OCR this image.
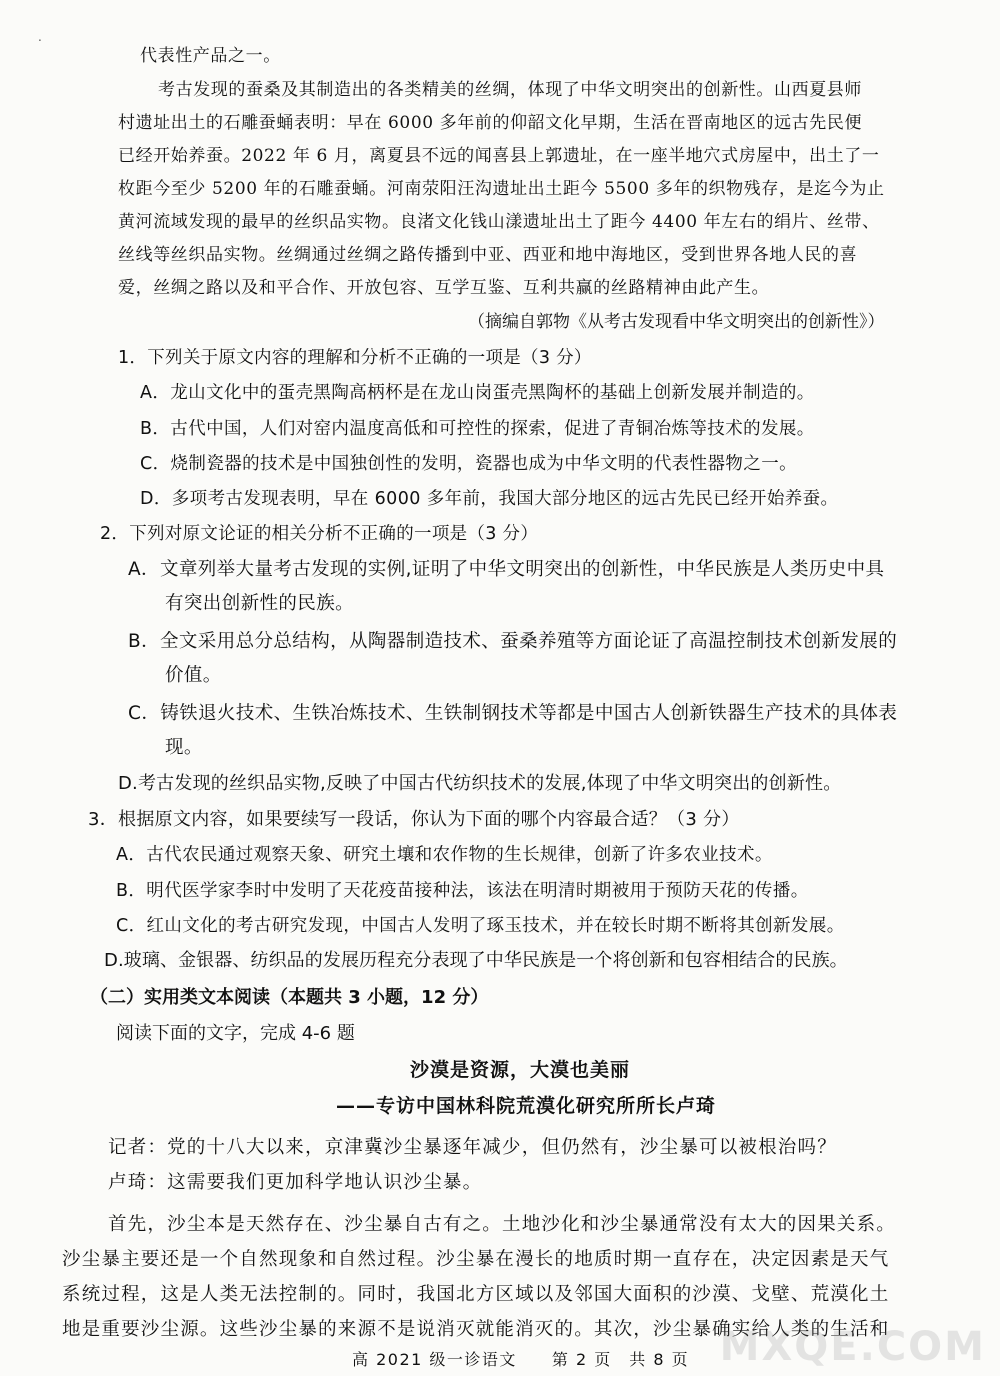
.
代表性产品之一。
考古发现的蚕桑及其制造出的各类精美的丝绸，体现了中华文明突出的创新性。山西夏县师
村遗址出土的石雕蚕蛹表明：早在 6000 多年前的仰韶文化早期，生活在晋南地区的远古先民便
已经开始养蚕。2022 年 6 月，离夏县不远的闻喜县上郭遗址，在一座半地穴式房屋中，出土了一
枚距今至少 5200 年的石雕蚕蛹。河南荥阳汪沟遗址出土距今 5500 多年的织物残存，是迄今为止
黄河流域发现的最早的丝织品实物。良渚文化钱山漾遗址出土了距今 4400 年左右的绢片、丝带、
丝线等丝织品实物。丝绸通过丝绸之路传播到中亚、西亚和地中海地区，受到世界各地人民的喜
爱，丝绸之路以及和平合作、开放包容、互学互鉴、互利共赢的丝路精神由此产生。
（摘编自郭物《从考古发现看中华文明突出的创新性》）
1．下列关于原文内容的理解和分析不正确的一项是（3 分）
A．龙山文化中的蛋壳黑陶高柄杯是在龙山岗蛋壳黑陶杯的基础上创新发展并制造的。
B．古代中国，人们对窑内温度高低和可控性的探索，促进了青铜冶炼等技术的发展。
C．烧制瓷器的技术是中国独创性的发明，瓷器也成为中华文明的代表性器物之一。
D．多项考古发现表明，早在 6000 多年前，我国大部分地区的远古先民已经开始养蚕。
2．下列对原文论证的相关分析不正确的一项是（3 分）
A．文章列举大量考古发现的实例,证明了中华文明突出的创新性，中华民族是人类历史中具
有突出创新性的民族。
B．全文采用总分总结构，从陶器制造技术、蚕桑养殖等方面论证了高温控制技术创新发展的
价值。
C．铸铁退火技术、生铁冶炼技术、生铁制钢技术等都是中国古人创新铁器生产技术的具体表
现。
D.考古发现的丝织品实物,反映了中国古代纺织技术的发展,体现了中华文明突出的创新性。
3．根据原文内容，如果要续写一段话，你认为下面的哪个内容最合适？（3 分）
A．古代农民通过观察天象、研究土壤和农作物的生长规律，创新了许多农业技术。
B．明代医学家李时中发明了天花疫苗接种法，该法在明清时期被用于预防天花的传播。
C．红山文化的考古研究发现，中国古人发明了琢玉技术，并在较长时期不断将其创新发展。
D.玻璃、金银器、纺织品的发展历程充分表现了中华民族是一个将创新和包容相结合的民族。
（二）实用类文本阅读（本题共 3 小题，12 分）
阅读下面的文字，完成 4-6 题
沙漠是资源，大漠也美丽
——专访中国林科院荒漠化研究所所长卢琦
记者：党的十八大以来，京津冀沙尘暴逐年减少，但仍然有，沙尘暴可以被根治吗？
卢琦：这需要我们更加科学地认识沙尘暴。
首先，沙尘本是天然存在、沙尘暴自古有之。土地沙化和沙尘暴通常没有太大的因果关系。
沙尘暴主要还是一个自然现象和自然过程。沙尘暴在漫长的地质时期一直存在，决定因素是天气
系统过程，这是人类无法控制的。同时，我国北方区域以及邻国大面积的沙漠、戈壁、荒漠化土
地是重要沙尘源。这些沙尘暴的来源不是说消灭就能消灭的。其次，沙尘暴确实给人类的生活和
高 2021 级一诊语文　　第 2 页　共 8 页 MXQE.COM
